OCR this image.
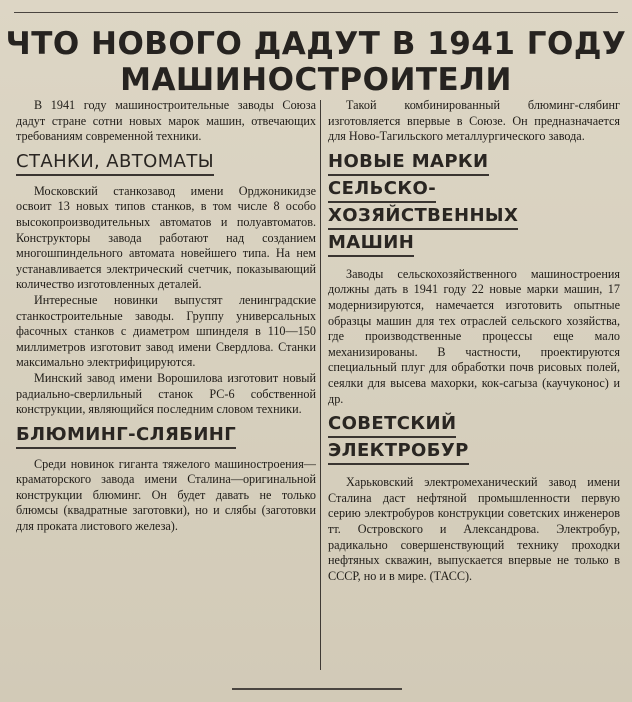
ЧТО НОВОГО ДАДУТ В 1941 ГОДУ
МАШИНОСТРОИТЕЛИ

В 1941 году машиностроительные заводы Союза дадут стране сотни новых марок машин, отвечающих требованиям современной техники.

СТАНКИ, АВТОМАТЫ

Московский станкозавод имени Орджоникидзе освоит 13 новых типов станков, в том числе 8 особо высокопроизводительных автоматов и полуавтоматов. Конструкторы завода работают над созданием многошпиндельного автомата новейшего типа. На нем устанавливается электрический счетчик, показывающий количество изготовленных деталей.

Интересные новинки выпустят ленинградские станкостроительные заводы. Группу универсальных фасочных станков с диаметром шпинделя в 110—150 миллиметров изготовит завод имени Свердлова. Станки максимально электрифицируются.

Минский завод имени Ворошилова изготовит новый радиально-сверлильный станок РС-6 собственной конструкции, являющийся последним словом техники.

БЛЮМИНГ-СЛЯБИНГ

Среди новинок гиганта тяжелого машиностроения—краматорского завода имени Сталина—оригинальной конструкции блюминг. Он будет давать не только блюмсы (квадратные заготовки), но и слябы (заготовки для проката листового железа).

Такой комбинированный блюминг-слябинг изготовляется впервые в Союзе. Он предназначается для Ново-Тагильского металлургического завода.

НОВЫЕ МАРКИ
СЕЛЬСКО-
ХОЗЯЙСТВЕННЫХ
МАШИН

Заводы сельскохозяйственного машиностроения должны дать в 1941 году 22 новые марки машин, 17 модернизируются, намечается изготовить опытные образцы машин для тех отраслей сельского хозяйства, где производственные процессы еще мало механизированы. В частности, проектируются специальный плуг для обработки почв рисовых полей, сеялки для высева махорки, кок-сагыза (каучуконос) и др.

СОВЕТСКИЙ
ЭЛЕКТРОБУР

Харьковский электромеханический завод имени Сталина даст нефтяной промышленности первую серию электробуров конструкции советских инженеров тт. Островского и Александрова. Электробур, радикально совершенствующий технику проходки нефтяных скважин, выпускается впервые не только в СССР, но и в мире. (ТАСС).
